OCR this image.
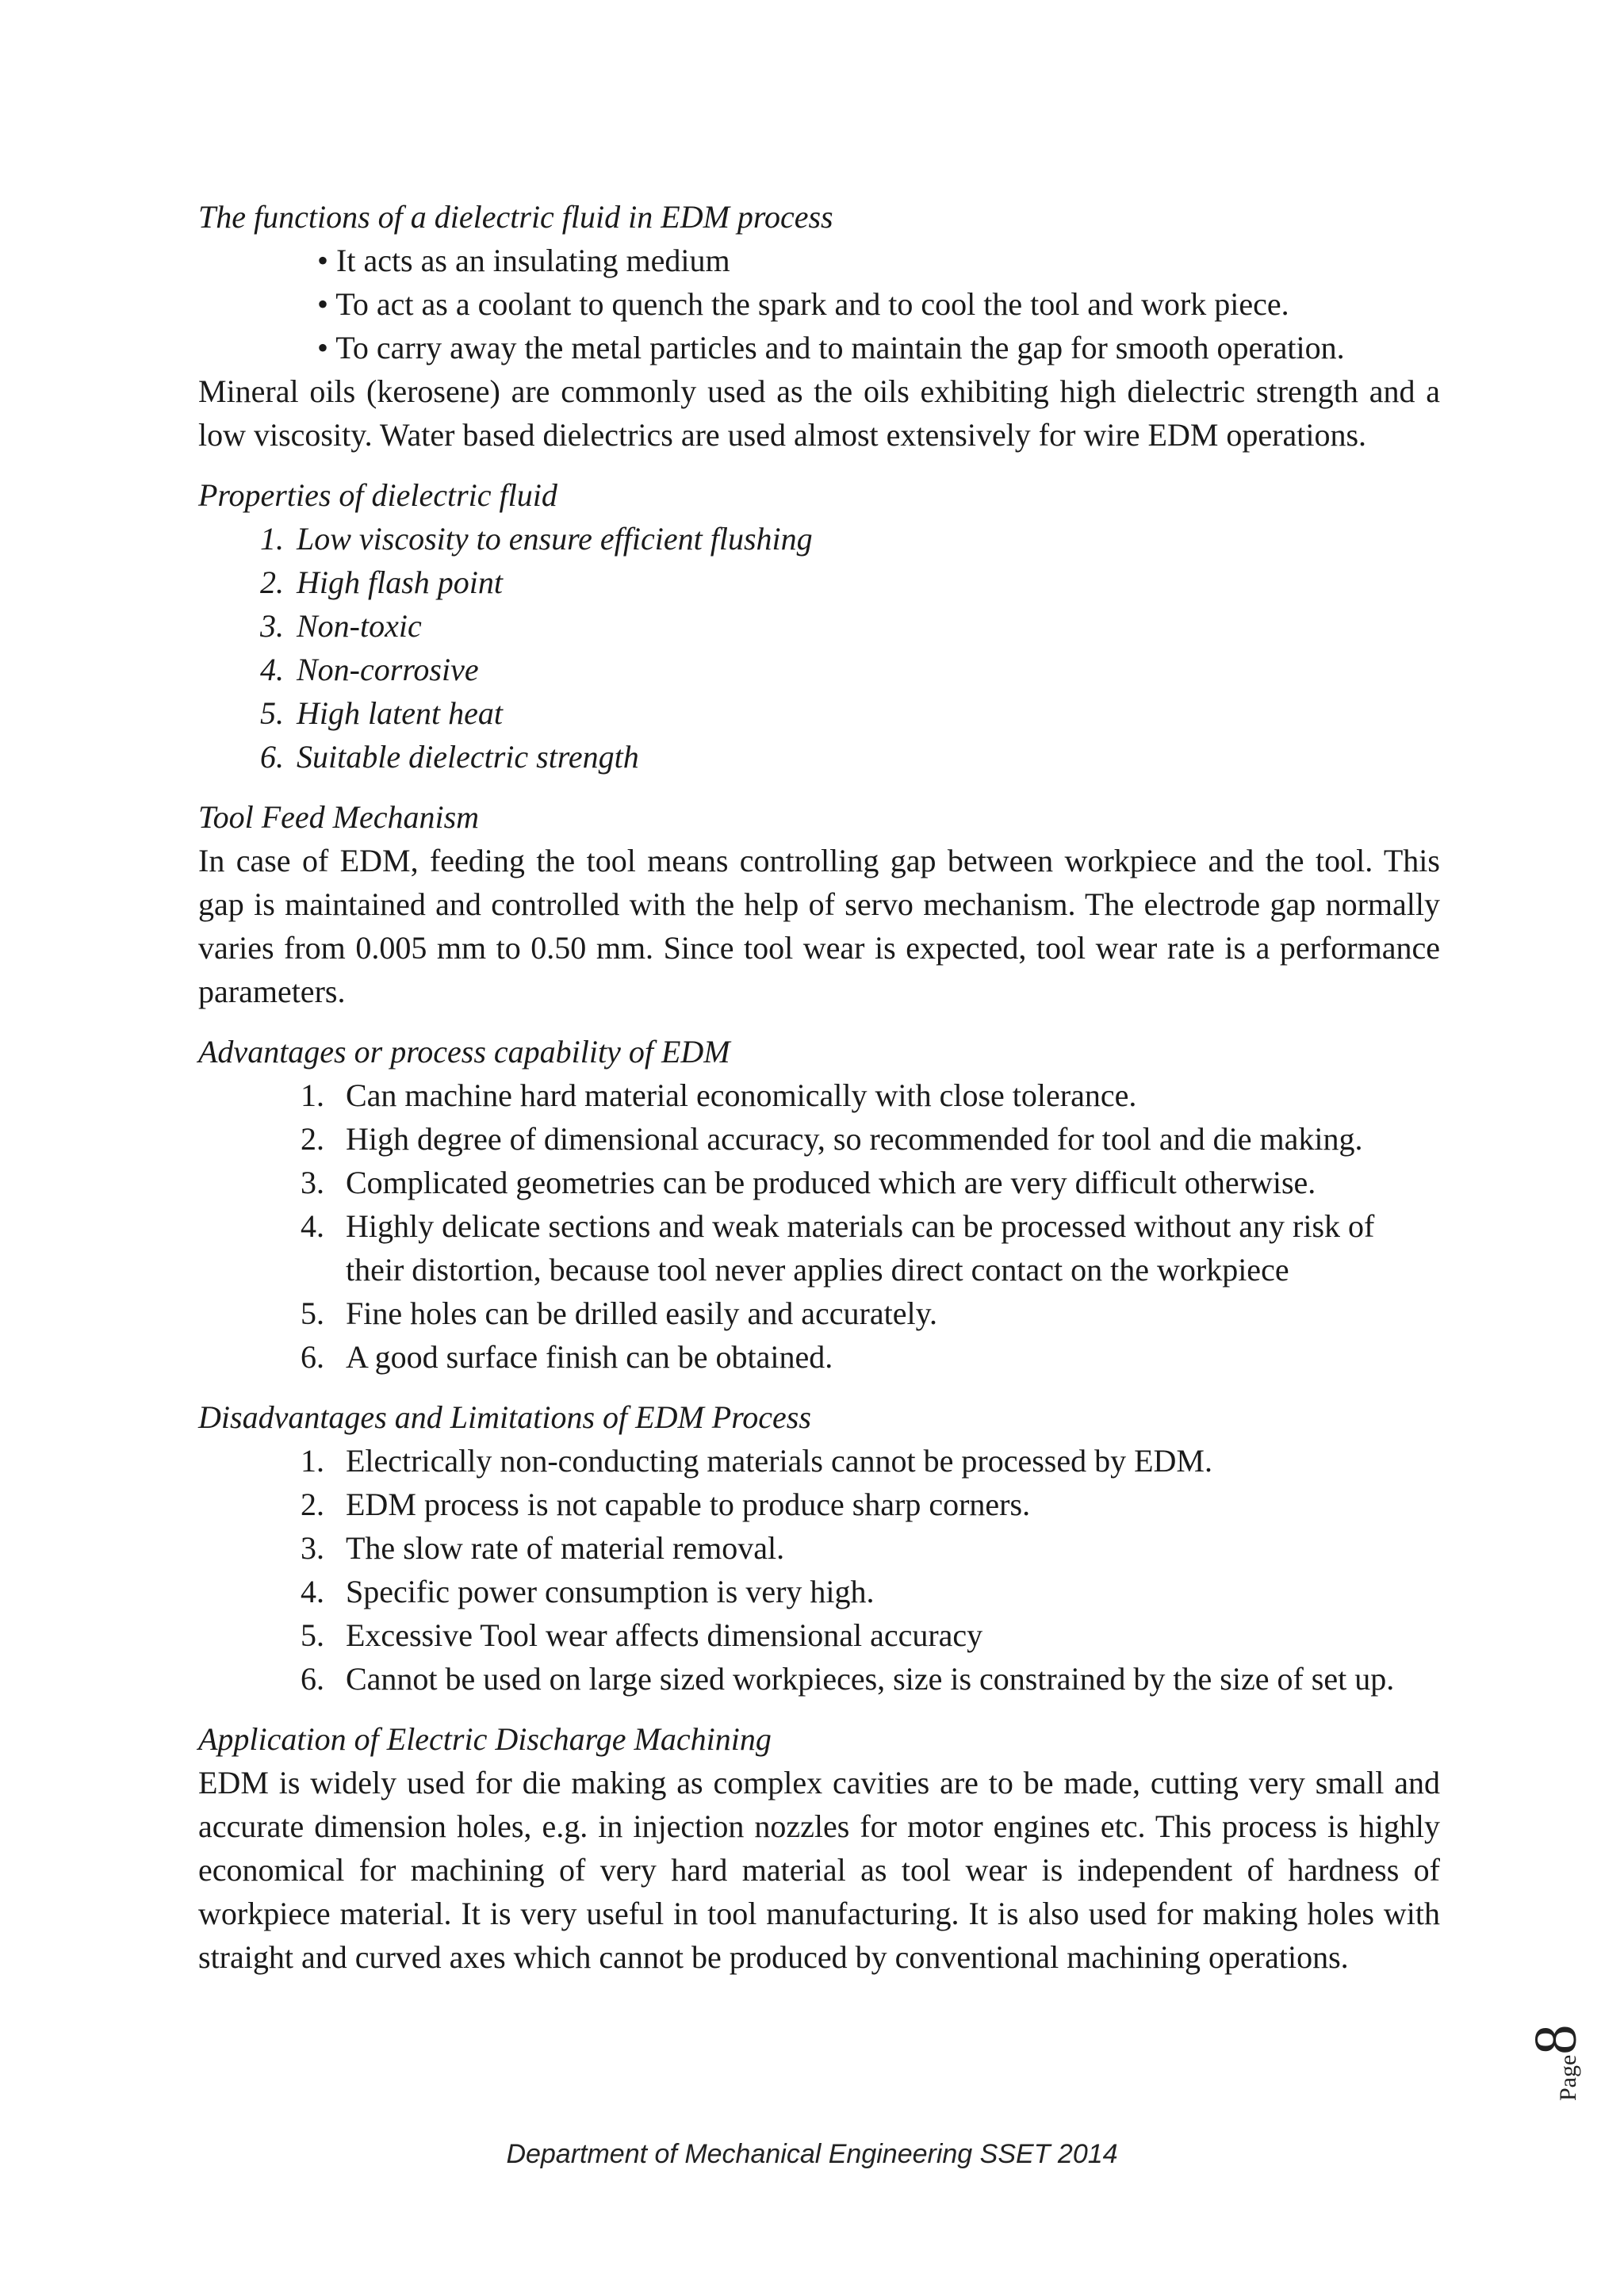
The functions of a dielectric fluid in EDM process

• It acts as an insulating medium
• To act as a coolant to quench the spark and to cool the tool and work piece.
• To carry away the metal particles and to maintain the gap for smooth operation.

Mineral oils (kerosene) are commonly used as the oils exhibiting high dielectric strength and a low viscosity. Water based dielectrics are used almost extensively for wire EDM operations.

Properties of dielectric fluid

1. Low viscosity to ensure efficient flushing
2. High flash point
3. Non-toxic
4. Non-corrosive
5. High latent heat
6. Suitable dielectric strength

Tool Feed Mechanism

In case of EDM, feeding the tool means controlling gap between workpiece and the tool. This gap is maintained and controlled with the help of servo mechanism. The electrode gap normally varies from 0.005 mm to 0.50 mm. Since tool wear is expected, tool wear rate is a performance parameters.

Advantages or process capability of EDM

1. Can machine hard material economically with close tolerance.
2. High degree of dimensional accuracy, so recommended for tool and die making.
3. Complicated geometries can be produced which are very difficult otherwise.
4. Highly delicate sections and weak materials can be processed without any risk of their distortion, because tool never applies direct contact on the workpiece
5. Fine holes can be drilled easily and accurately.
6. A good surface finish can be obtained.

Disadvantages and Limitations of EDM Process

1. Electrically non-conducting materials cannot be processed by EDM.
2. EDM process is not capable to produce sharp corners.
3. The slow rate of material removal.
4. Specific power consumption is very high.
5. Excessive Tool wear affects dimensional accuracy
6. Cannot be used on large sized workpieces, size is constrained by the size of set up.

Application of Electric Discharge Machining

EDM is widely used for die making as complex cavities are to be made, cutting very small and accurate dimension holes, e.g. in injection nozzles for motor engines etc. This process is highly economical for machining of very hard material as tool wear is independent of hardness of workpiece material. It is very useful in tool manufacturing. It is also used for making holes with straight and curved axes which cannot be produced by conventional machining operations.

Page8
Department of Mechanical Engineering SSET 2014
